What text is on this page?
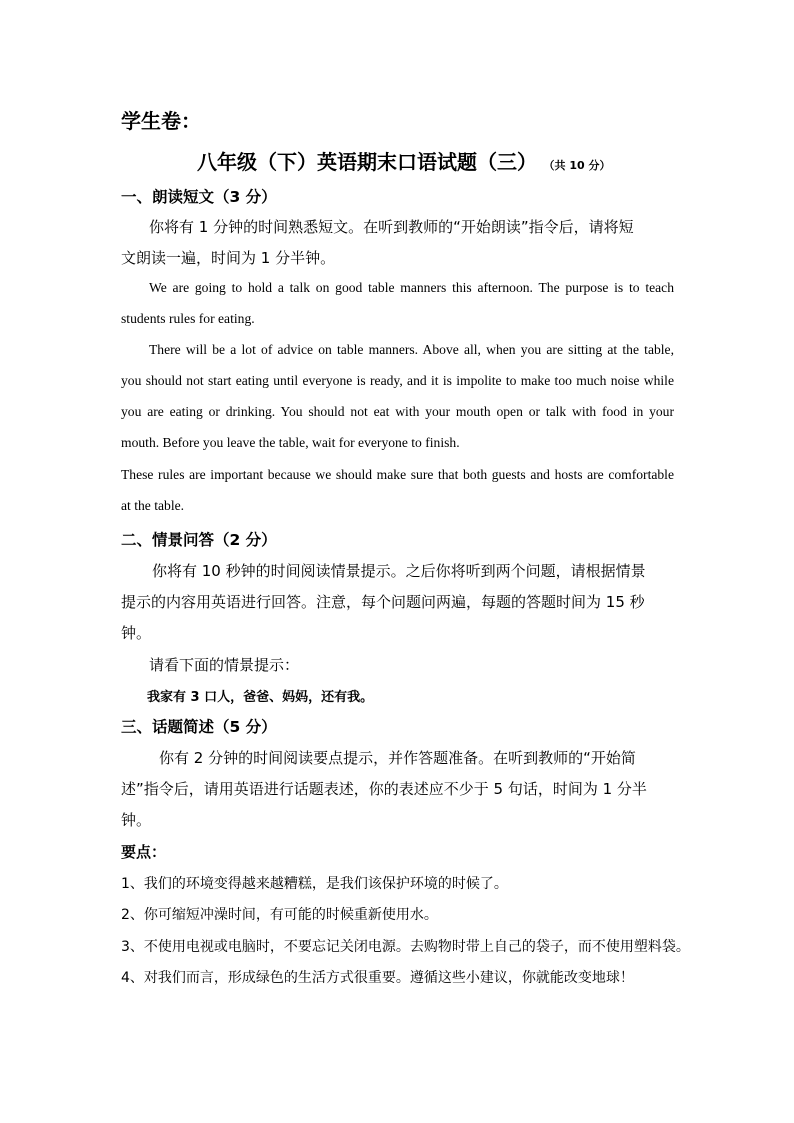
学生卷：
八年级（下）英语期末口语试题（三） （共 10 分）
一、朗读短文（3 分）
你将有 1 分钟的时间熟悉短文。在听到教师的“开始朗读”指令后，请将短
文朗读一遍，时间为 1 分半钟。
We are going to hold a talk on good table manners this afternoon. The purpose is to teach
students rules for eating.
There will be a lot of advice on table manners. Above all, when you are sitting at the table,
you should not start eating until everyone is ready, and it is impolite to make too much noise while
you are eating or drinking. You should not eat with your mouth open or talk with food in your
mouth. Before you leave the table, wait for everyone to finish.
These rules are important because we should make sure that both guests and hosts are comfortable
at the table.
二、情景问答（2 分）
你将有 10 秒钟的时间阅读情景提示。之后你将听到两个问题，请根据情景
提示的内容用英语进行回答。注意，每个问题问两遍，每题的答题时间为 15 秒
钟。
请看下面的情景提示：
我家有 3 口人，爸爸、妈妈，还有我。
三、话题简述（5 分）
你有 2 分钟的时间阅读要点提示，并作答题准备。在听到教师的“开始简
述”指令后，请用英语进行话题表述，你的表述应不少于 5 句话，时间为 1 分半
钟。
要点：
1、我们的环境变得越来越糟糕，是我们该保护环境的时候了。
2、你可缩短冲澡时间，有可能的时候重新使用水。
3、不使用电视或电脑时，不要忘记关闭电源。去购物时带上自己的袋子，而不使用塑料袋。
4、对我们而言，形成绿色的生活方式很重要。遵循这些小建议，你就能改变地球！
